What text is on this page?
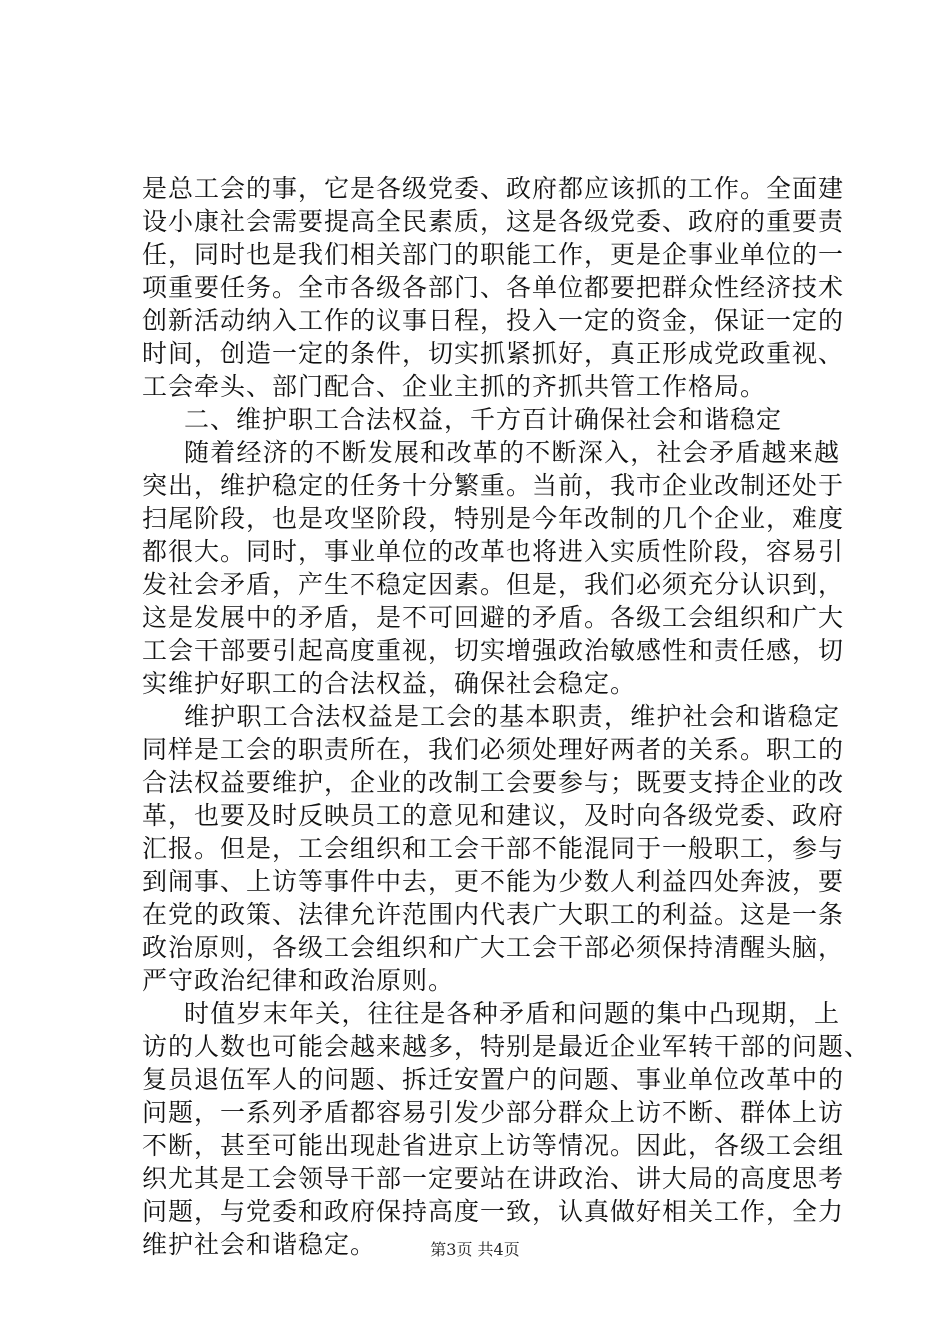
是总工会的事，它是各级党委、政府都应该抓的工作。全面建
设小康社会需要提高全民素质，这是各级党委、政府的重要责
任，同时也是我们相关部门的职能工作，更是企事业单位的一
项重要任务。全市各级各部门、各单位都要把群众性经济技术
创新活动纳入工作的议事日程，投入一定的资金，保证一定的
时间，创造一定的条件，切实抓紧抓好，真正形成党政重视、
工会牵头、部门配合、企业主抓的齐抓共管工作格局。
二、维护职工合法权益，千方百计确保社会和谐稳定
随着经济的不断发展和改革的不断深入，社会矛盾越来越
突出，维护稳定的任务十分繁重。当前，我市企业改制还处于
扫尾阶段，也是攻坚阶段，特别是今年改制的几个企业，难度
都很大。同时，事业单位的改革也将进入实质性阶段，容易引
发社会矛盾，产生不稳定因素。但是，我们必须充分认识到，
这是发展中的矛盾，是不可回避的矛盾。各级工会组织和广大
工会干部要引起高度重视，切实增强政治敏感性和责任感，切
实维护好职工的合法权益，确保社会稳定。
维护职工合法权益是工会的基本职责，维护社会和谐稳定
同样是工会的职责所在，我们必须处理好两者的关系。职工的
合法权益要维护，企业的改制工会要参与；既要支持企业的改
革，也要及时反映员工的意见和建议，及时向各级党委、政府
汇报。但是，工会组织和工会干部不能混同于一般职工，参与
到闹事、上访等事件中去，更不能为少数人利益四处奔波，要
在党的政策、法律允许范围内代表广大职工的利益。这是一条
政治原则，各级工会组织和广大工会干部必须保持清醒头脑，
严守政治纪律和政治原则。
时值岁末年关，往往是各种矛盾和问题的集中凸现期，上
访的人数也可能会越来越多，特别是最近企业军转干部的问题、
复员退伍军人的问题、拆迁安置户的问题、事业单位改革中的
问题，一系列矛盾都容易引发少部分群众上访不断、群体上访
不断，甚至可能出现赴省进京上访等情况。因此，各级工会组
织尤其是工会领导干部一定要站在讲政治、讲大局的高度思考
问题，与党委和政府保持高度一致，认真做好相关工作，全力
维护社会和谐稳定。	第3页 共4页
